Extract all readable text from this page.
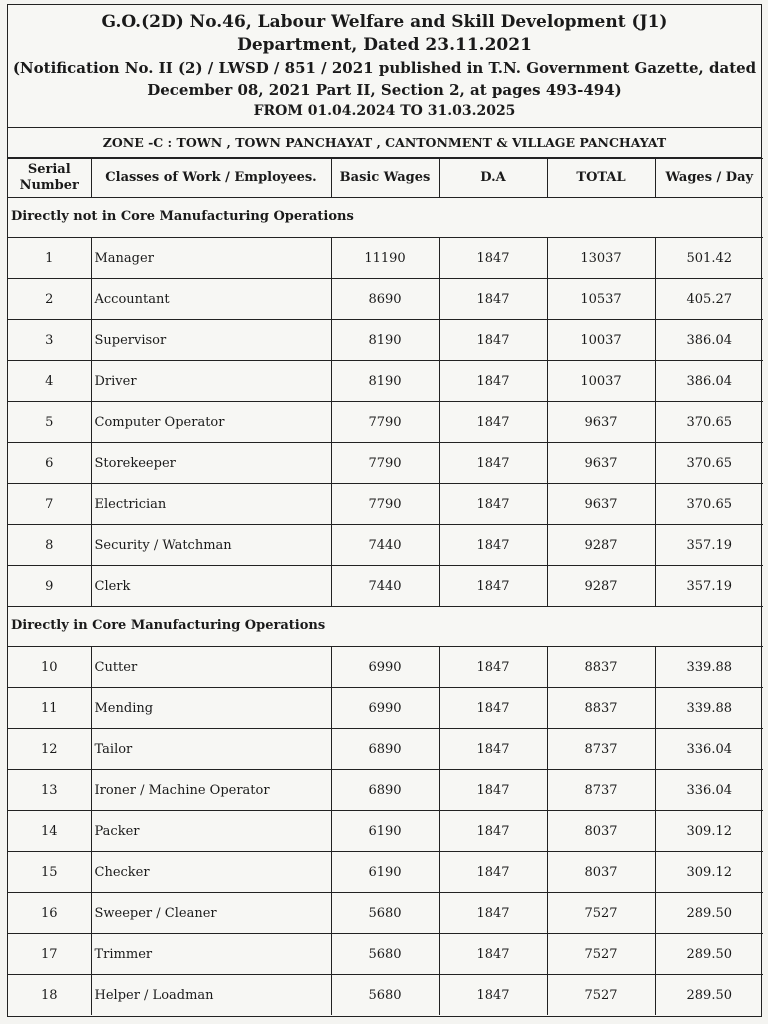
G.O.(2D) No.46, Labour Welfare and Skill Development (J1)
Department, Dated 23.11.2021
(Notification No. II (2) / LWSD / 851 / 2021 published in T.N. Government Gazette, dated
December 08, 2021 Part II, Section 2, at pages 493-494)
FROM 01.04.2024 TO 31.03.2025
ZONE -C : TOWN , TOWN PANCHAYAT , CANTONMENT & VILLAGE PANCHAYAT
Serial
Number	Classes of Work / Employees.	Basic Wages	D.A	TOTAL	Wages / Day
Directly not in Core Manufacturing Operations					
1	Manager	11190	1847	13037	501.42
2	Accountant	8690	1847	10537	405.27
3	Supervisor	8190	1847	10037	386.04
4	Driver	8190	1847	10037	386.04
5	Computer Operator	7790	1847	9637	370.65
6	Storekeeper	7790	1847	9637	370.65
7	Electrician	7790	1847	9637	370.65
8	Security / Watchman	7440	1847	9287	357.19
9	Clerk	7440	1847	9287	357.19
Directly in Core Manufacturing Operations					
10	Cutter	6990	1847	8837	339.88
11	Mending	6990	1847	8837	339.88
12	Tailor	6890	1847	8737	336.04
13	Ironer / Machine Operator	6890	1847	8737	336.04
14	Packer	6190	1847	8037	309.12
15	Checker	6190	1847	8037	309.12
16	Sweeper / Cleaner	5680	1847	7527	289.50
17	Trimmer	5680	1847	7527	289.50
18	Helper / Loadman	5680	1847	7527	289.50
